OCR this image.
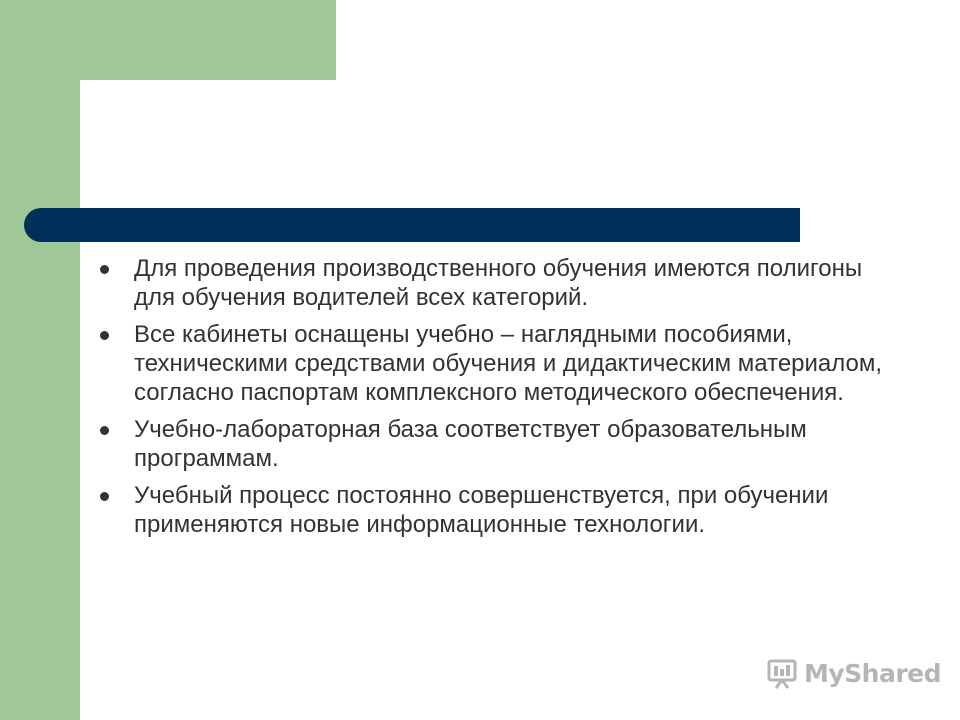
Для проведения производственного обучения имеются полигоны для обучения водителей всех категорий.
Все кабинеты оснащены учебно – наглядными пособиями, техническими средствами обучения и дидактическим материалом, согласно паспортам комплексного методического обеспечения.
Учебно-лабораторная база соответствует образовательным программам.
Учебный процесс постоянно совершенствуется, при обучении применяются новые информационные технологии.
MyShared
